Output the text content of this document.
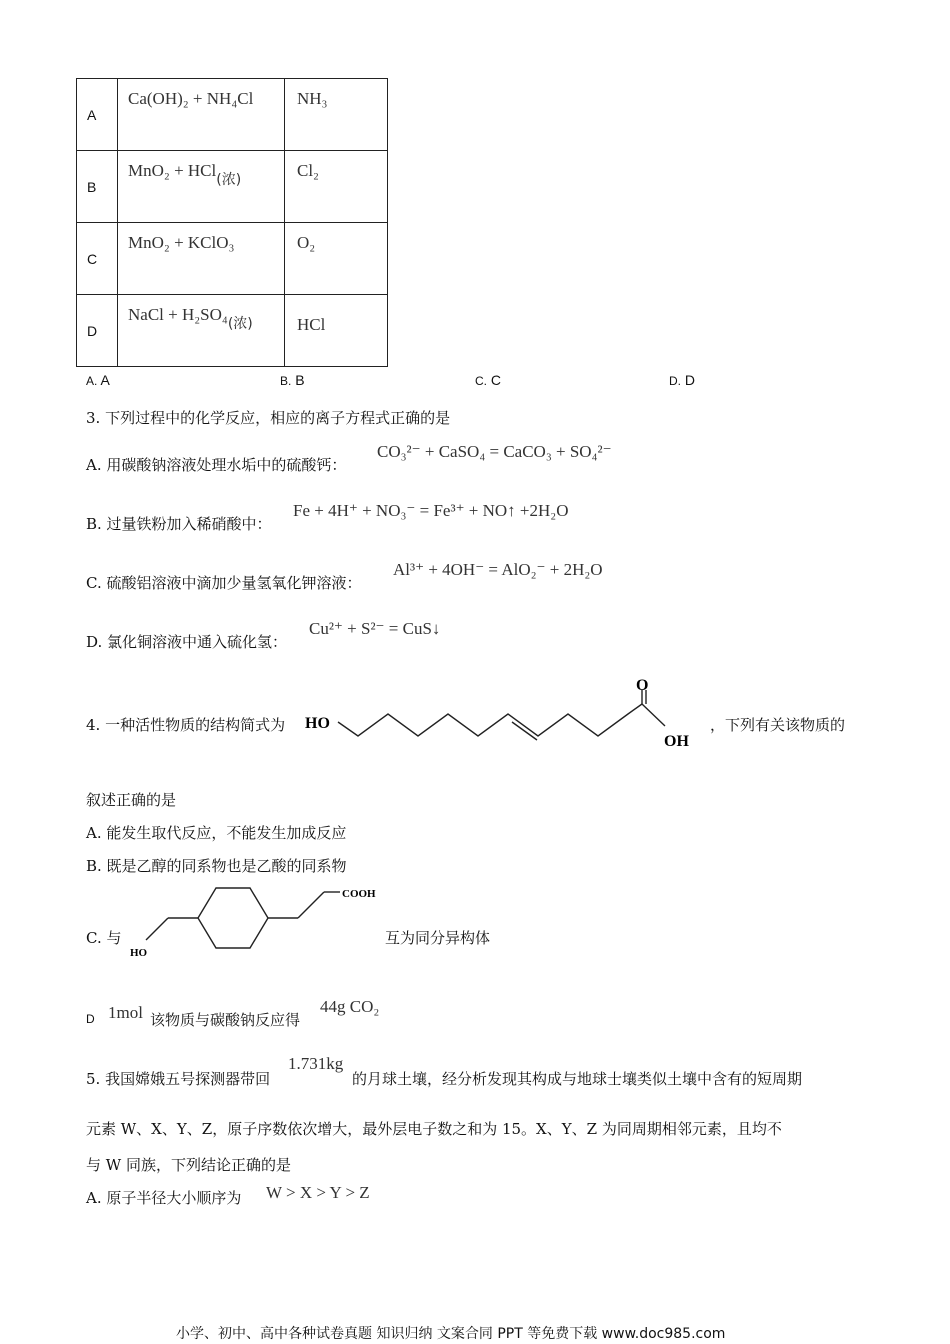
A	Ca(OH)₂ + NH₄Cl	NH₃
B	MnO₂ + HCl$_{(浓)}$	Cl₂
C	MnO₂ + KClO₃	O₂
D	NaCl + $H_2SO_4_{(浓)}$	HCl
A. A	B. B	C. C	D. D
3. 下列过程中的化学反应，相应的离子方程式正确的是
A. 用碳酸钠溶液处理水垢中的硫酸钙：
CO₃²⁻ + CaSO₄ = CaCO₃ + SO₄²⁻
B. 过量铁粉加入稀硝酸中：
Fe + 4H⁺ + NO₃⁻ = Fe³⁺ + NO↑ +2H₂O
C. 硫酸铝溶液中滴加少量氢氧化钾溶液：
Al³⁺ + 4OH⁻ = AlO₂⁻ + 2H₂O
D. 氯化铜溶液中通入硫化氢：
Cu²⁺ + S²⁻ = CuS↓
4. 一种活性物质的结构简式为 HO
O
OH
，下列有关该物质的
叙述正确的是
A. 能发生取代反应，不能发生加成反应
B. 既是乙醇的同系物也是乙酸的同系物
C. 与
COOH
HO
互为同分异构体
D 1mol 该物质与碳酸钠反应得
44g CO₂
5. 我国嫦娥五号探测器带回
1.731kg
的月球土壤，经分析发现其构成与地球士壤类似土壤中含有的短周期
元素 W、X、Y、Z，原子序数依次增大，最外层电子数之和为 15。X、Y、Z 为同周期相邻元素，且均不
与 W 同族，下列结论正确的是
A. 原子半径大小顺序为 W > X > Y > Z
小学、初中、高中各种试卷真题 知识归纳 文案合同 PPT 等免费下载 www.doc985.com
